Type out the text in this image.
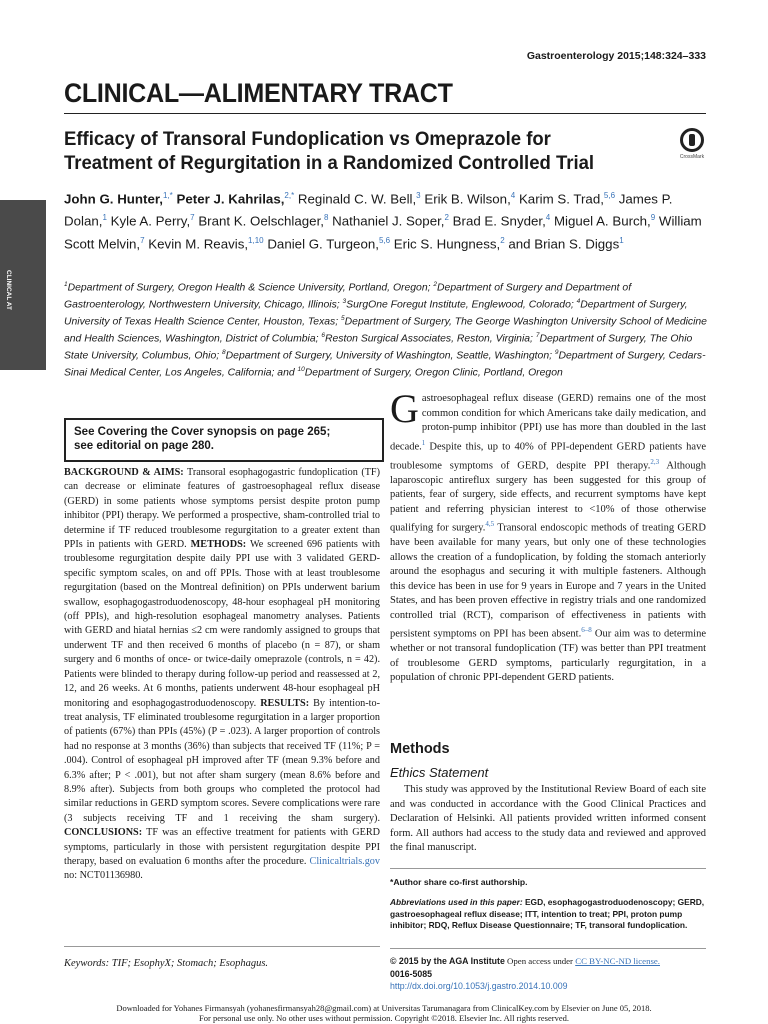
Gastroenterology 2015;148:324–333
CLINICAL—ALIMENTARY TRACT
Efficacy of Transoral Fundoplication vs Omeprazole for
Treatment of Regurgitation in a Randomized Controlled Trial	CrossMark
CLINICAL AT
John G. Hunter,$^{1,*}$ Peter J. Kahrilas,$^{2,*}$ Reginald C. W. Bell,$^3$ Erik B. Wilson,$^4$ Karim S. Trad,$^{5,6}$ James P. Dolan,$^1$ Kyle A. Perry,$^7$ Brant K. Oelschlager,$^8$ Nathaniel J. Soper,$^2$ Brad E. Snyder,$^4$ Miguel A. Burch,$^9$ William Scott Melvin,$^7$ Kevin M. Reavis,$^{1,10}$ Daniel G. Turgeon,$^{5,6}$ Eric S. Hungness,$^2$ and Brian S. Diggs$^1$
$^1$Department of Surgery, Oregon Health & Science University, Portland, Oregon; $^2$Department of Surgery and Department of Gastroenterology, Northwestern University, Chicago, Illinois; $^3$SurgOne Foregut Institute, Englewood, Colorado; $^4$Department of Surgery, University of Texas Health Science Center, Houston, Texas; $^5$Department of Surgery, The George Washington University School of Medicine and Health Sciences, Washington, District of Columbia; $^6$Reston Surgical Associates, Reston, Virginia; $^7$Department of Surgery, The Ohio State University, Columbus, Ohio; $^8$Department of Surgery, University of Washington, Seattle, Washington; $^9$Department of Surgery, Cedars-Sinai Medical Center, Los Angeles, California; and $^{10}$Department of Surgery, Oregon Clinic, Portland, Oregon
See Covering the Cover synopsis on page 265;
see editorial on page 280.
BACKGROUND & AIMS: Transoral esophagogastric fundoplication (TF) can decrease or eliminate features of gastroesophageal reflux disease (GERD) in some patients whose symptoms persist despite proton pump inhibitor (PPI) therapy. We performed a prospective, sham-controlled trial to determine if TF reduced troublesome regurgitation to a greater extent than PPIs in patients with GERD. METHODS: We screened 696 patients with troublesome regurgitation despite daily PPI use with 3 validated GERD-specific symptom scales, on and off PPIs. Those with at least troublesome regurgitation (based on the Montreal definition) on PPIs underwent barium swallow, esophagogastroduodenoscopy, 48-hour esophageal pH monitoring (off PPIs), and high-resolution esophageal manometry analyses. Patients with GERD and hiatal hernias ≤2 cm were randomly assigned to groups that underwent TF and then received 6 months of placebo (n = 87), or sham surgery and 6 months of once- or twice-daily omeprazole (controls, n = 42). Patients were blinded to therapy during follow-up period and reassessed at 2, 12, and 26 weeks. At 6 months, patients underwent 48-hour esophageal pH monitoring and esophagogastroduodenoscopy. RESULTS: By intention-to-treat analysis, TF eliminated troublesome regurgitation in a larger proportion of patients (67%) than PPIs (45%) (P = .023). A larger proportion of controls had no response at 3 months (36%) than subjects that received TF (11%; P = .004). Control of esophageal pH improved after TF (mean 9.3% before and 6.3% after; P < .001), but not after sham surgery (mean 8.6% before and 8.9% after). Subjects from both groups who completed the protocol had similar reductions in GERD symptom scores. Severe complications were rare (3 subjects receiving TF and 1 receiving the sham surgery). CONCLUSIONS: TF was an effective treatment for patients with GERD symptoms, particularly in those with persistent regurgitation despite PPI therapy, based on evaluation 6 months after the procedure. Clinicaltrials.gov no: NCT01136980.
Keywords: TIF; EsophyX; Stomach; Esophagus.
Gastroesophageal reflux disease (GERD) remains one of the most common condition for which Americans take daily medication, and proton-pump inhibitor (PPI) use has more than doubled in the last decade.$^1$ Despite this, up to 40% of PPI-dependent GERD patients have troublesome symptoms of GERD, despite PPI therapy.$^{2,3}$ Although laparoscopic antireflux surgery has been suggested for this group of patients, fear of surgery, side effects, and recurrent symptoms have kept patient and referring physician interest to <10% of those otherwise qualifying for surgery.$^{4,5}$ Transoral endoscopic methods of treating GERD have been available for many years, but only one of these technologies allows the creation of a fundoplication, by folding the stomach anteriorly around the esophagus and securing it with multiple fasteners. Although this device has been in use for 9 years in Europe and 7 years in the United States, and has been proven effective in registry trials and one randomized controlled trial (RCT), comparison of effectiveness in patients with persistent symptoms on PPI has been absent.$^{6-8}$ Our aim was to determine whether or not transoral fundoplication (TF) was better than PPI treatment of troublesome GERD symptoms, particularly regurgitation, in a population of chronic PPI-dependent GERD patients.
Methods
Ethics Statement
This study was approved by the Institutional Review Board of each site and was conducted in accordance with the Good Clinical Practices and Declaration of Helsinki. All patients provided written informed consent form. All authors had access to the study data and reviewed and approved the final manuscript.
*Author share co-first authorship.
Abbreviations used in this paper: EGD, esophagogastroduodenoscopy; GERD, gastroesophageal reflux disease; ITT, intention to treat; PPI, proton pump inhibitor; RDQ, Reflux Disease Questionnaire; TF, transoral fundoplication.
© 2015 by the AGA Institute Open access under CC BY-NC-ND license.
0016-5085
http://dx.doi.org/10.1053/j.gastro.2014.10.009
Downloaded for Yohanes Firmansyah (yohanesfirmansyah28@gmail.com) at Universitas Tarumanagara from ClinicalKey.com by Elsevier on June 05, 2018.
For personal use only. No other uses without permission. Copyright ©2018. Elsevier Inc. All rights reserved.
